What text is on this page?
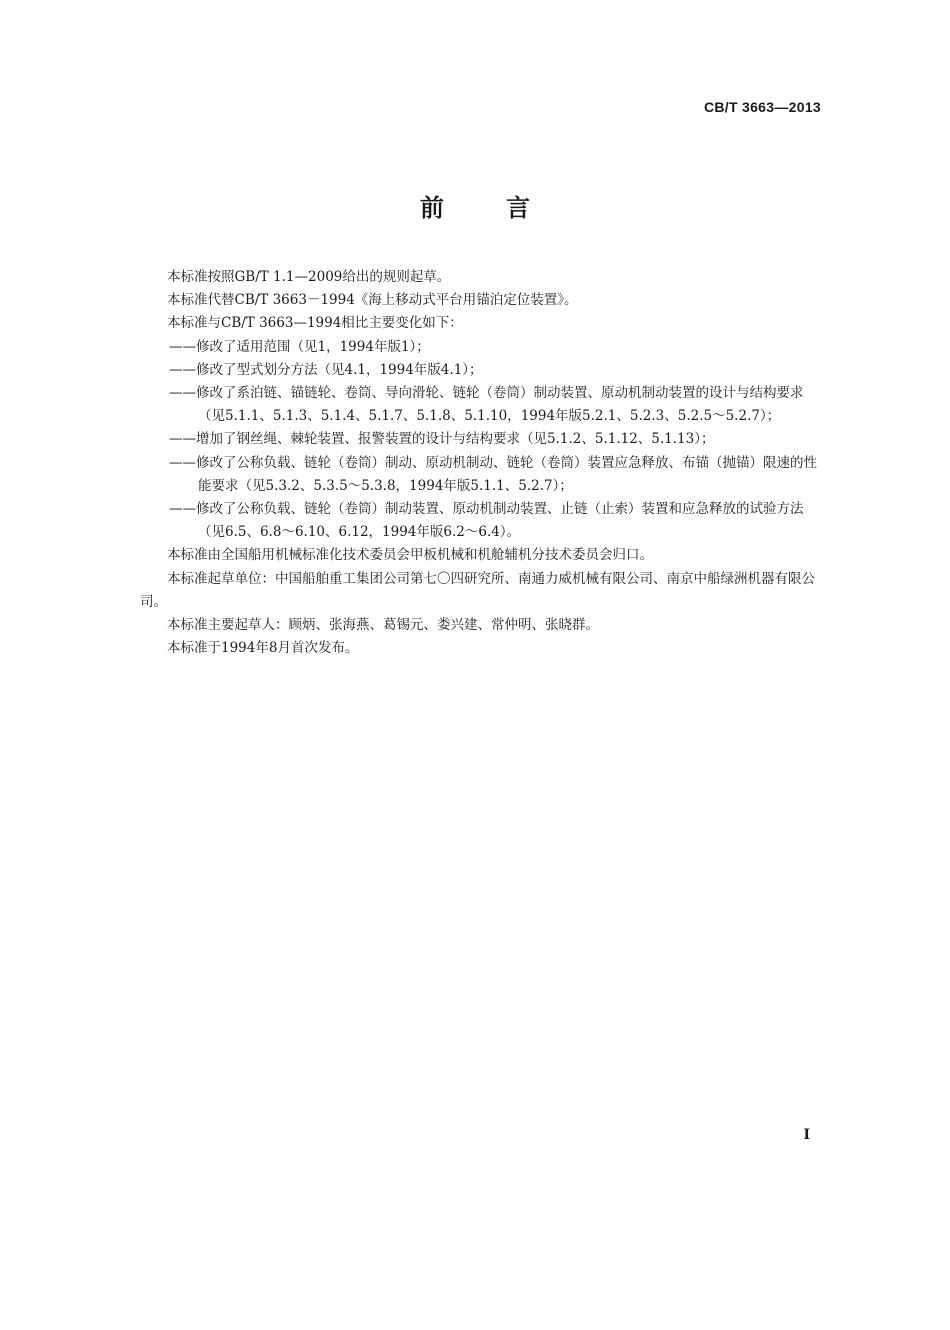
CB/T 3663—2013
前言

本标准按照GB/T 1.1—2009给出的规则起草。

本标准代替CB/T 3663－1994《海上移动式平台用锚泊定位装置》。

本标准与CB/T 3663—1994相比主要变化如下：

——修改了适用范围（见1，1994年版1）；

——修改了型式划分方法（见4.1，1994年版4.1）；

——修改了系泊链、锚链轮、卷筒、导向滑轮、链轮（卷筒）制动装置、原动机制动装置的设计与结构要求（见5.1.1、5.1.3、5.1.4、5.1.7、5.1.8、5.1.10，1994年版5.2.1、5.2.3、5.2.5～5.2.7）；

——增加了钢丝绳、棘轮装置、报警装置的设计与结构要求（见5.1.2、5.1.12、5.1.13）；

——修改了公称负载、链轮（卷筒）制动、原动机制动、链轮（卷筒）装置应急释放、布锚（抛锚）限速的性能要求（见5.3.2、5.3.5～5.3.8，1994年版5.1.1、5.2.7）；

——修改了公称负载、链轮（卷筒）制动装置、原动机制动装置、止链（止索）装置和应急释放的试验方法（见6.5、6.8～6.10、6.12，1994年版6.2～6.4）。

本标准由全国船用机械标准化技术委员会甲板机械和机舱辅机分技术委员会归口。

本标准起草单位：中国船舶重工集团公司第七〇四研究所、南通力威机械有限公司、南京中船绿洲机器有限公司。

本标准主要起草人：顾炳、张海燕、葛锡元、娄兴建、常仲明、张晓群。

本标准于1994年8月首次发布。

I
